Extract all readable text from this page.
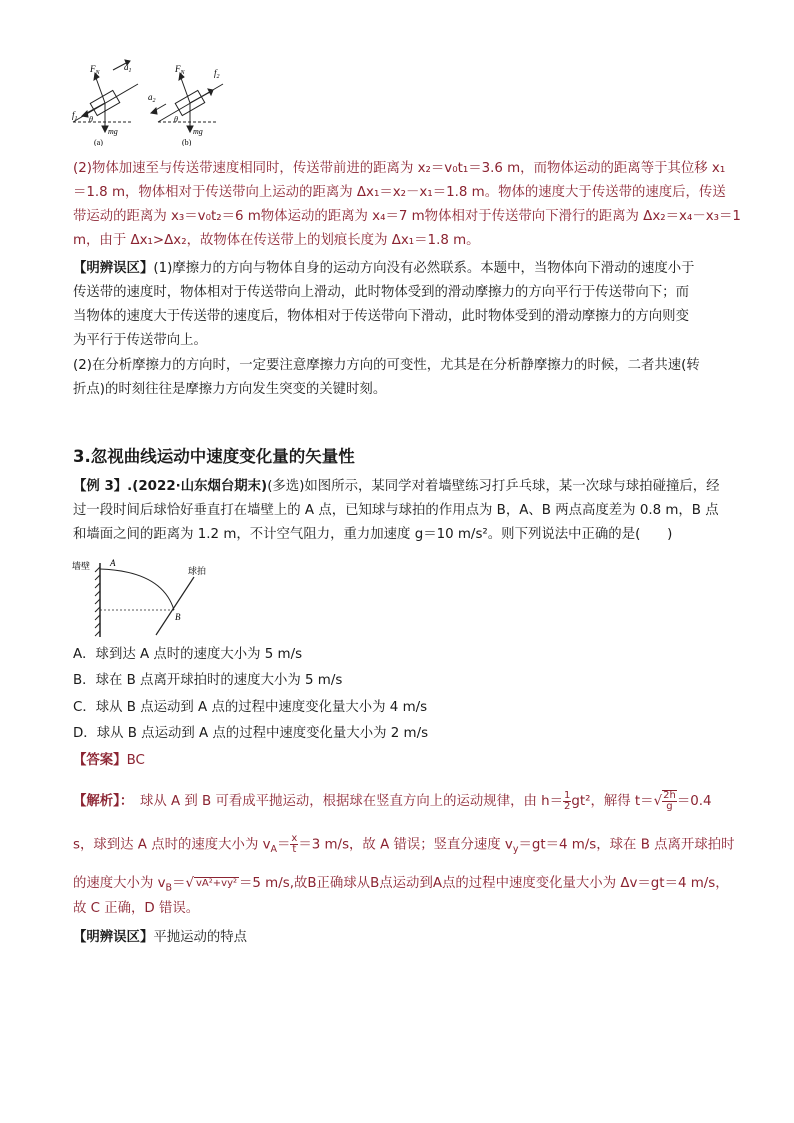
$F_N$
$a_1$
$f_1$ θ
mg
(a)
$F_N$	$f_2$
$a_2$
θ
mg
(b)
(2)物体加速至与传送带速度相同时，传送带前进的距离为 x₂＝v₀t₁＝3.6 m，而物体运动的距离等于其位移 x₁
＝1.8 m，物体相对于传送带向上运动的距离为 Δx₁＝x₂－x₁＝1.8 m。物体的速度大于传送带的速度后，传送
带运动的距离为 x₃＝v₀t₂＝6 m物体运动的距离为 x₄＝7 m物体相对于传送带向下滑行的距离为 Δx₂＝x₄－x₃＝1
m，由于 Δx₁>Δx₂，故物体在传送带上的划痕长度为 Δx₁＝1.8 m。
【明辨误区】(1)摩擦力的方向与物体自身的运动方向没有必然联系。本题中，当物体向下滑动的速度小于
传送带的速度时，物体相对于传送带向上滑动，此时物体受到的滑动摩擦力的方向平行于传送带向下；而
当物体的速度大于传送带的速度后，物体相对于传送带向下滑动，此时物体受到的滑动摩擦力的方向则变
为平行于传送带向上。
(2)在分析摩擦力的方向时，一定要注意摩擦力方向的可变性，尤其是在分析静摩擦力的时候，二者共速(转
折点)的时刻往往是摩擦力方向发生突变的关键时刻。
3.忽视曲线运动中速度变化量的矢量性
【例 3】.(2022·山东烟台期末)(多选)如图所示，某同学对着墙壁练习打乒乓球，某一次球与球拍碰撞后，经
过一段时间后球恰好垂直打在墙壁上的 A 点，已知球与球拍的作用点为 B，A、B 两点高度差为 0.8 m，B 点
和墙面之间的距离为 1.2 m，不计空气阻力，重力加速度 g＝10 m/s²。则下列说法中正确的是(　　)
墙壁	球拍
A
B
A．球到达 A 点时的速度大小为 5 m/s
B．球在 B 点离开球拍时的速度大小为 5 m/s
C．球从 B 点运动到 A 点的过程中速度变化量大小为 4 m/s
D．球从 B 点运动到 A 点的过程中速度变化量大小为 2 m/s
【答案】BC
【解析】：　球从 A 到 B 可看成平抛运动，根据球在竖直方向上的运动规律，由 $h= \frac{1}{2} gt^2$，解得 $t=√ \frac{2h}{g} =0.4$
s，球到达 A 点时的速度大小为 $v_A= \frac{x}{t} =3$ m/s，故 A 错误；竖直分速度 $v_y=gt=4$ m/s，球在 B 点离开球拍时
的速度大小为 $v_B=√$ vA²+vy² ＝5 m/s,故B正确球从B点运动到A点的过程中速度变化量大小为 Δv＝gt＝4 m/s，
故 C 正确，D 错误。
【明辨误区】平抛运动的特点
